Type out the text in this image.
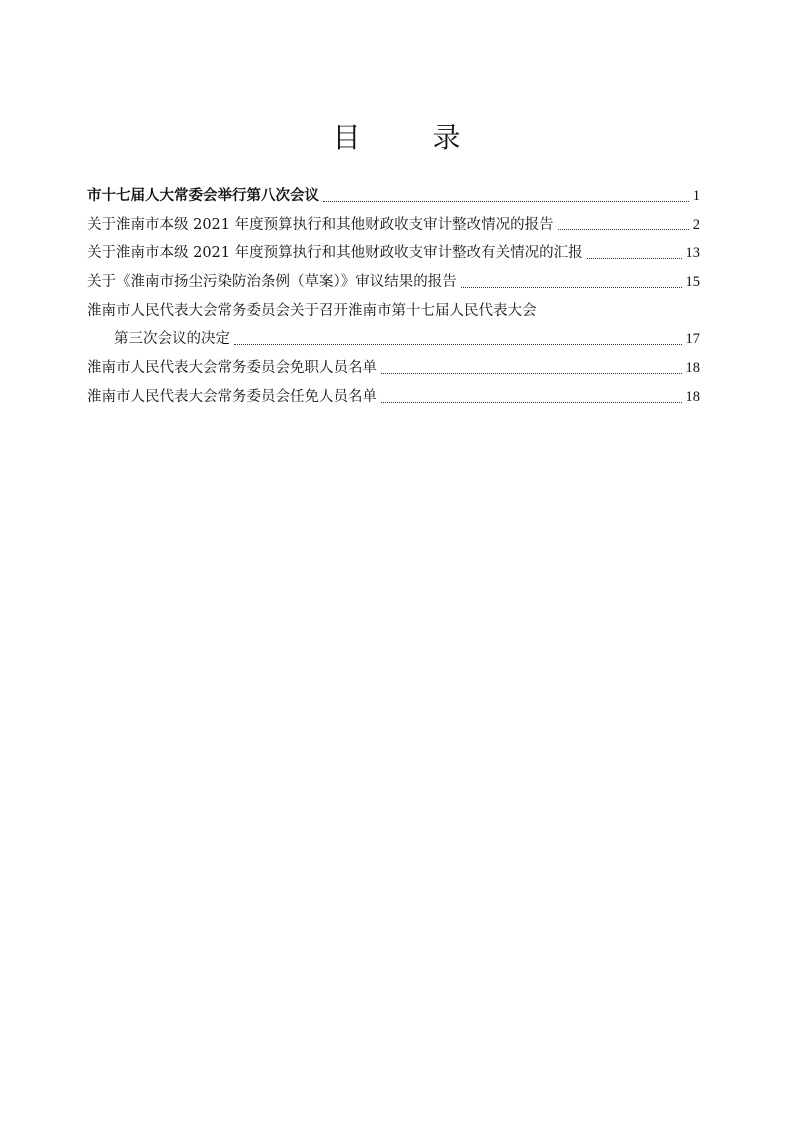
目　录
市十七届人大常委会举行第八次会议	1
关于淮南市本级 2021 年度预算执行和其他财政收支审计整改情况的报告	2
关于淮南市本级 2021 年度预算执行和其他财政收支审计整改有关情况的汇报	13
关于《淮南市扬尘污染防治条例（草案）》审议结果的报告	15
淮南市人民代表大会常务委员会关于召开淮南市第十七届人民代表大会
第三次会议的决定	17
淮南市人民代表大会常务委员会免职人员名单	18
淮南市人民代表大会常务委员会任免人员名单	18
